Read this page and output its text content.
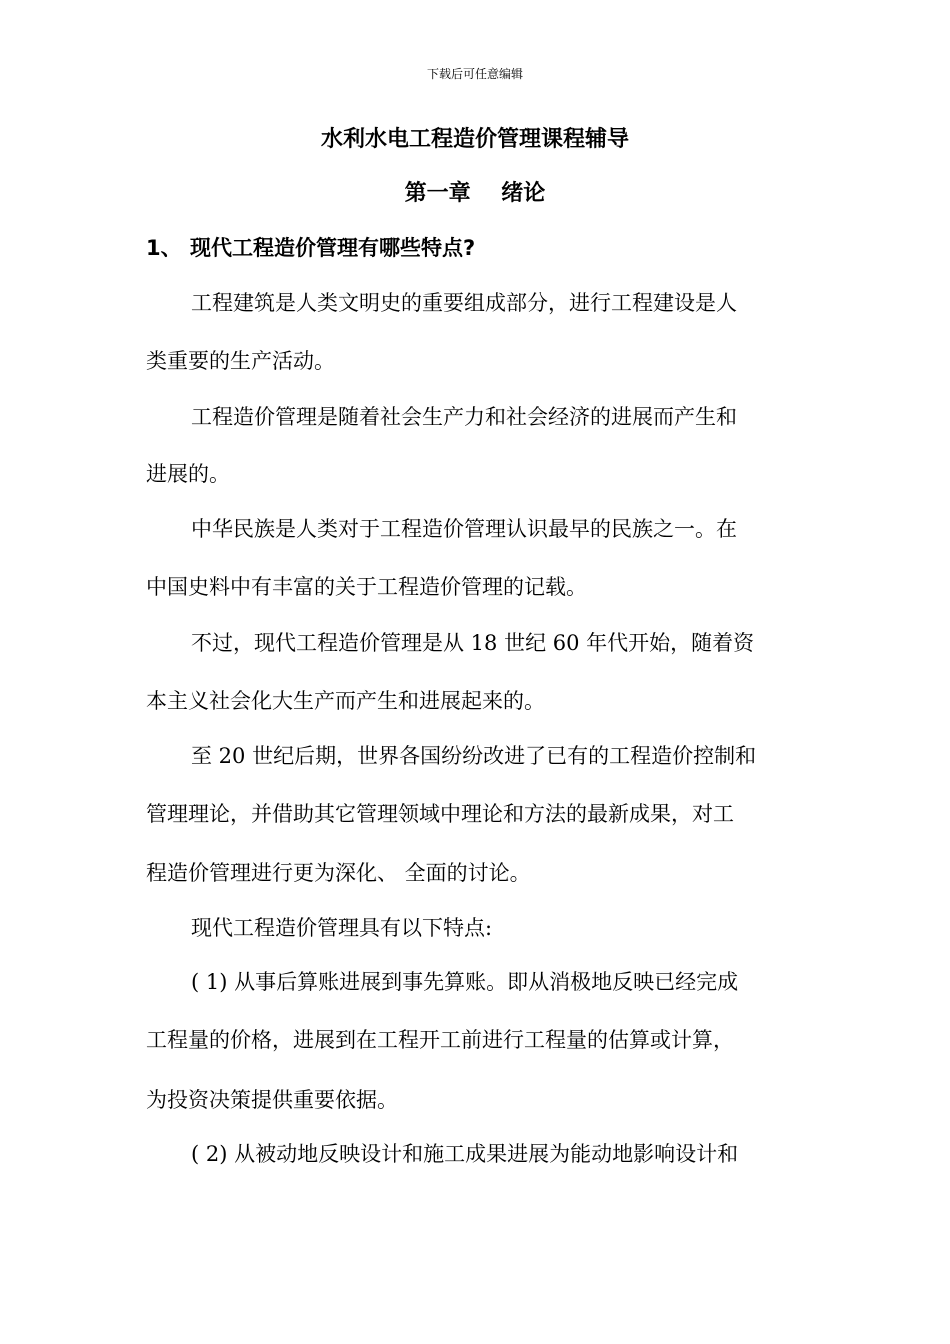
下载后可任意编辑
水利水电工程造价管理课程辅导
第一章    绪论
1、 现代工程造价管理有哪些特点?
工程建筑是人类文明史的重要组成部分，进行工程建设是人
类重要的生产活动。
工程造价管理是随着社会生产力和社会经济的进展而产生和
进展的。
中华民族是人类对于工程造价管理认识最早的民族之一。在
中国史料中有丰富的关于工程造价管理的记载。
不过，现代工程造价管理是从 18 世纪 60 年代开始，随着资
本主义社会化大生产而产生和进展起来的。
至 20 世纪后期，世界各国纷纷改进了已有的工程造价控制和
管理理论，并借助其它管理领域中理论和方法的最新成果，对工
程造价管理进行更为深化、 全面的讨论。
现代工程造价管理具有以下特点:
( 1) 从事后算账进展到事先算账。即从消极地反映已经完成
工程量的价格，进展到在工程开工前进行工程量的估算或计算，
为投资决策提供重要依据。
( 2) 从被动地反映设计和施工成果进展为能动地影响设计和
